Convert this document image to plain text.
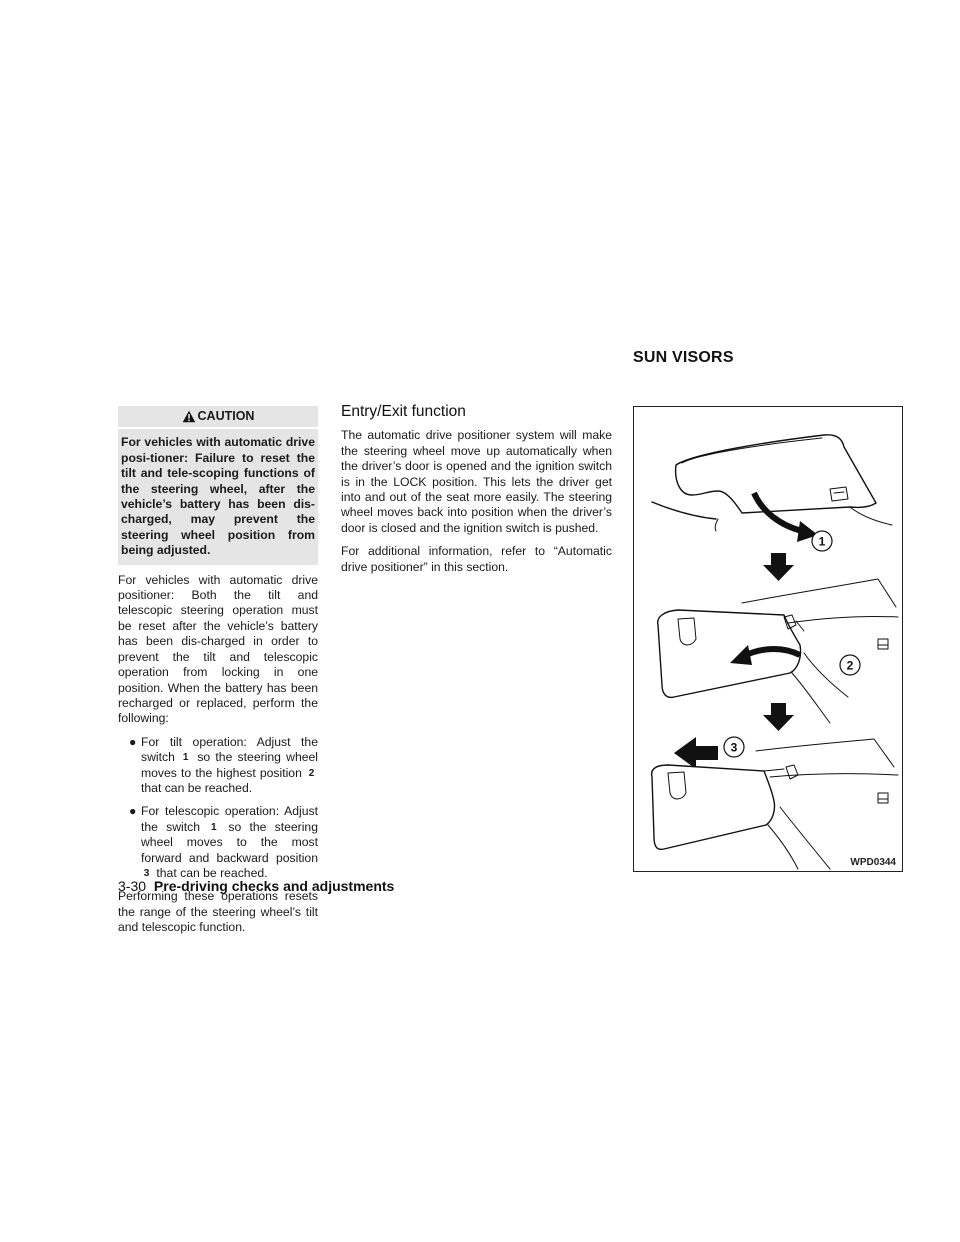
SUN VISORS
CAUTION
For vehicles with automatic drive posi-tioner: Failure to reset the tilt and tele-scoping functions of the steering wheel, after the vehicle’s battery has been dis-charged, may prevent the steering wheel position from being adjusted.

For vehicles with automatic drive positioner: Both the tilt and telescopic steering operation must be reset after the vehicle’s battery has been dis-charged in order to prevent the tilt and telescopic operation from locking in one position. When the battery has been recharged or replaced, perform the following:

● For tilt operation: Adjust the switch 1 so the steering wheel moves to the highest position 2 that can be reached.
● For telescopic operation: Adjust the switch 1 so the steering wheel moves to the most forward and backward position 3 that can be reached.

Performing these operations resets the range of the steering wheel’s tilt and telescopic function.

Entry/Exit function

The automatic drive positioner system will make the steering wheel move up automatically when the driver’s door is opened and the ignition switch is in the LOCK position. This lets the driver get into and out of the seat more easily. The steering wheel moves back into position when the driver’s door is closed and the ignition switch is pushed.

For additional information, refer to “Automatic drive positioner” in this section.

1
2
3
WPD0344
3-30 Pre-driving checks and adjustments
